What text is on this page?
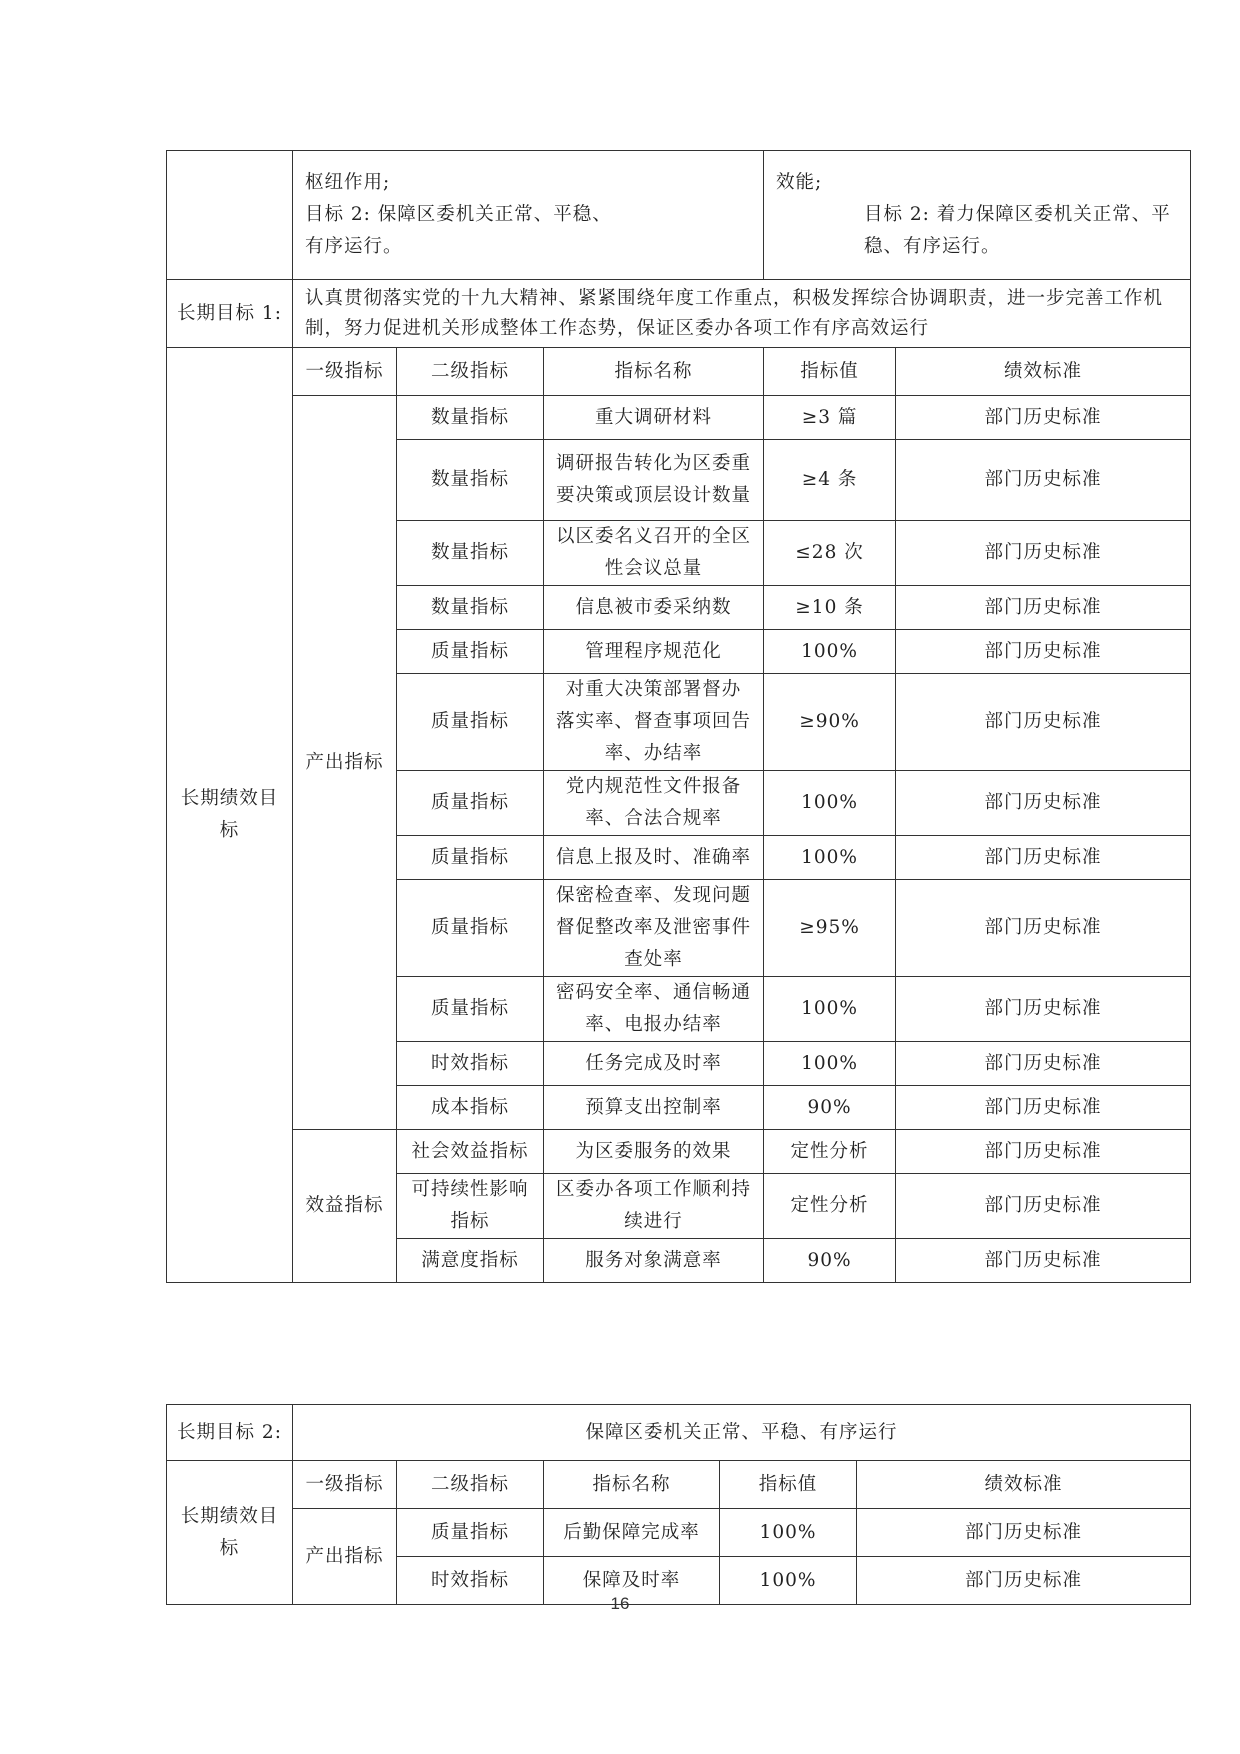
	枢纽作用;
目标 2: 保障区委机关正常、平稳、
有序运行。			效能;
目标 2: 着力保障区委机关正常、平稳、有序运行。	

长期目标 1:	认真贯彻落实党的十九大精神、紧紧围绕年度工作重点，积极发挥综合协调职责，进一步完善工作机制，努力促进机关形成整体工作态势，保证区委办各项工作有序高效运行				

长期绩效目
标	一级指标	二级指标	指标名称	指标值	绩效标准
	产出指标	数量指标	重大调研材料	≥3 篇	部门历史标准

		数量指标	调研报告转化为区委重
要决策或顶层设计数量	≥4 条	部门历史标准

		数量指标	以区委名义召开的全区
性会议总量	≤28 次	部门历史标准

		数量指标	信息被市委采纳数	≥10 条	部门历史标准

		质量指标	管理程序规范化	100%	部门历史标准

		质量指标	对重大决策部署督办
落实率、督查事项回告
率、办结率	≥90%	部门历史标准

		质量指标	党内规范性文件报备
率、合法合规率	100%	部门历史标准

		质量指标	信息上报及时、准确率	100%	部门历史标准

		质量指标	保密检查率、发现问题
督促整改率及泄密事件
查处率	≥95%	部门历史标准

		质量指标	密码安全率、通信畅通
率、电报办结率	100%	部门历史标准

		时效指标	任务完成及时率	100%	部门历史标准

		成本指标	预算支出控制率	90%	部门历史标准
	效益指标	社会效益指标	为区委服务的效果	定性分析	部门历史标准

		可持续性影响
指标	区委办各项工作顺利持
续进行	定性分析	部门历史标准

		满意度指标	服务对象满意率	90%	部门历史标准
长期目标 2:	保障区委机关正常、平稳、有序运行				

长期绩效目
标	一级指标	二级指标	指标名称	指标值	绩效标准
	产出指标	质量指标	后勤保障完成率	100%	部门历史标准

		时效指标	保障及时率	100%	部门历史标准
16
